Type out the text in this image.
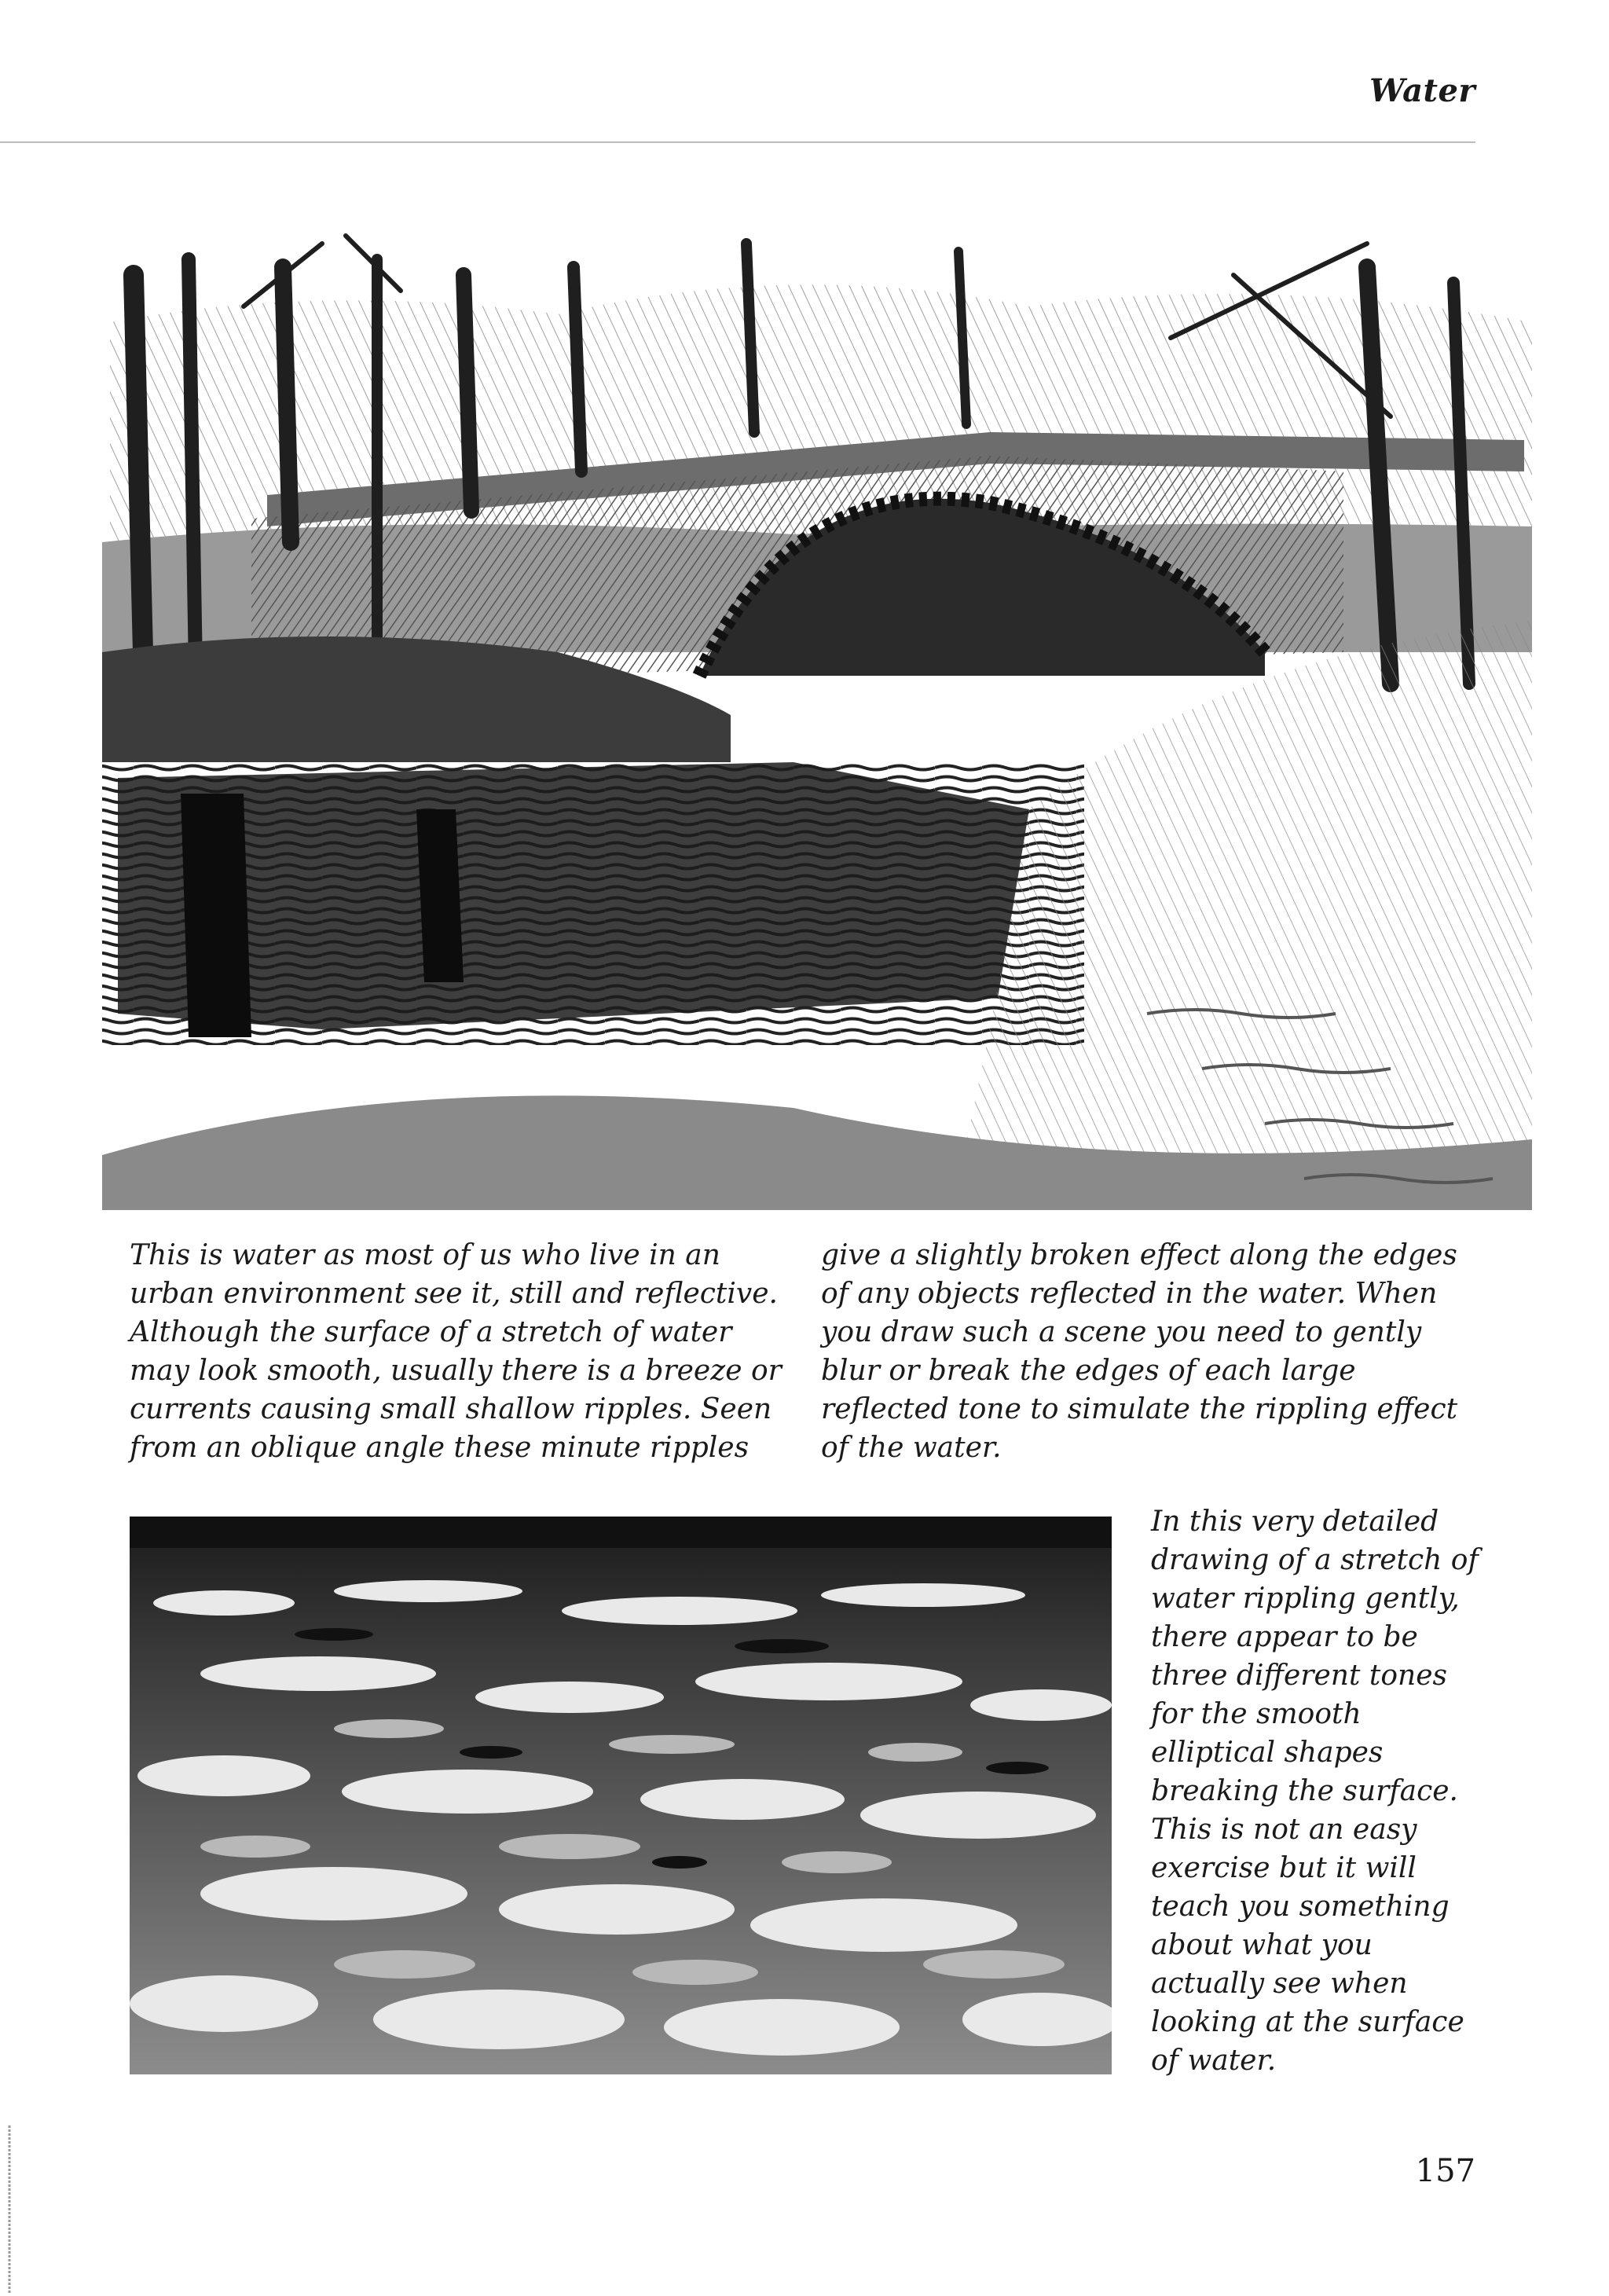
Water

This is water as most of us who live in an urban environment see it, still and reflective. Although the surface of a stretch of water may look smooth, usually there is a breeze or currents causing small shallow ripples. Seen from an oblique angle these minute ripples

give a slightly broken effect along the edges of any objects reflected in the water. When you draw such a scene you need to gently blur or break the edges of each large reflected tone to simulate the rippling effect of the water.

In this very detailed drawing of a stretch of water rippling gently, there appear to be three different tones for the smooth elliptical shapes breaking the surface. This is not an easy exercise but it will teach you something about what you actually see when looking at the surface of water.

157
